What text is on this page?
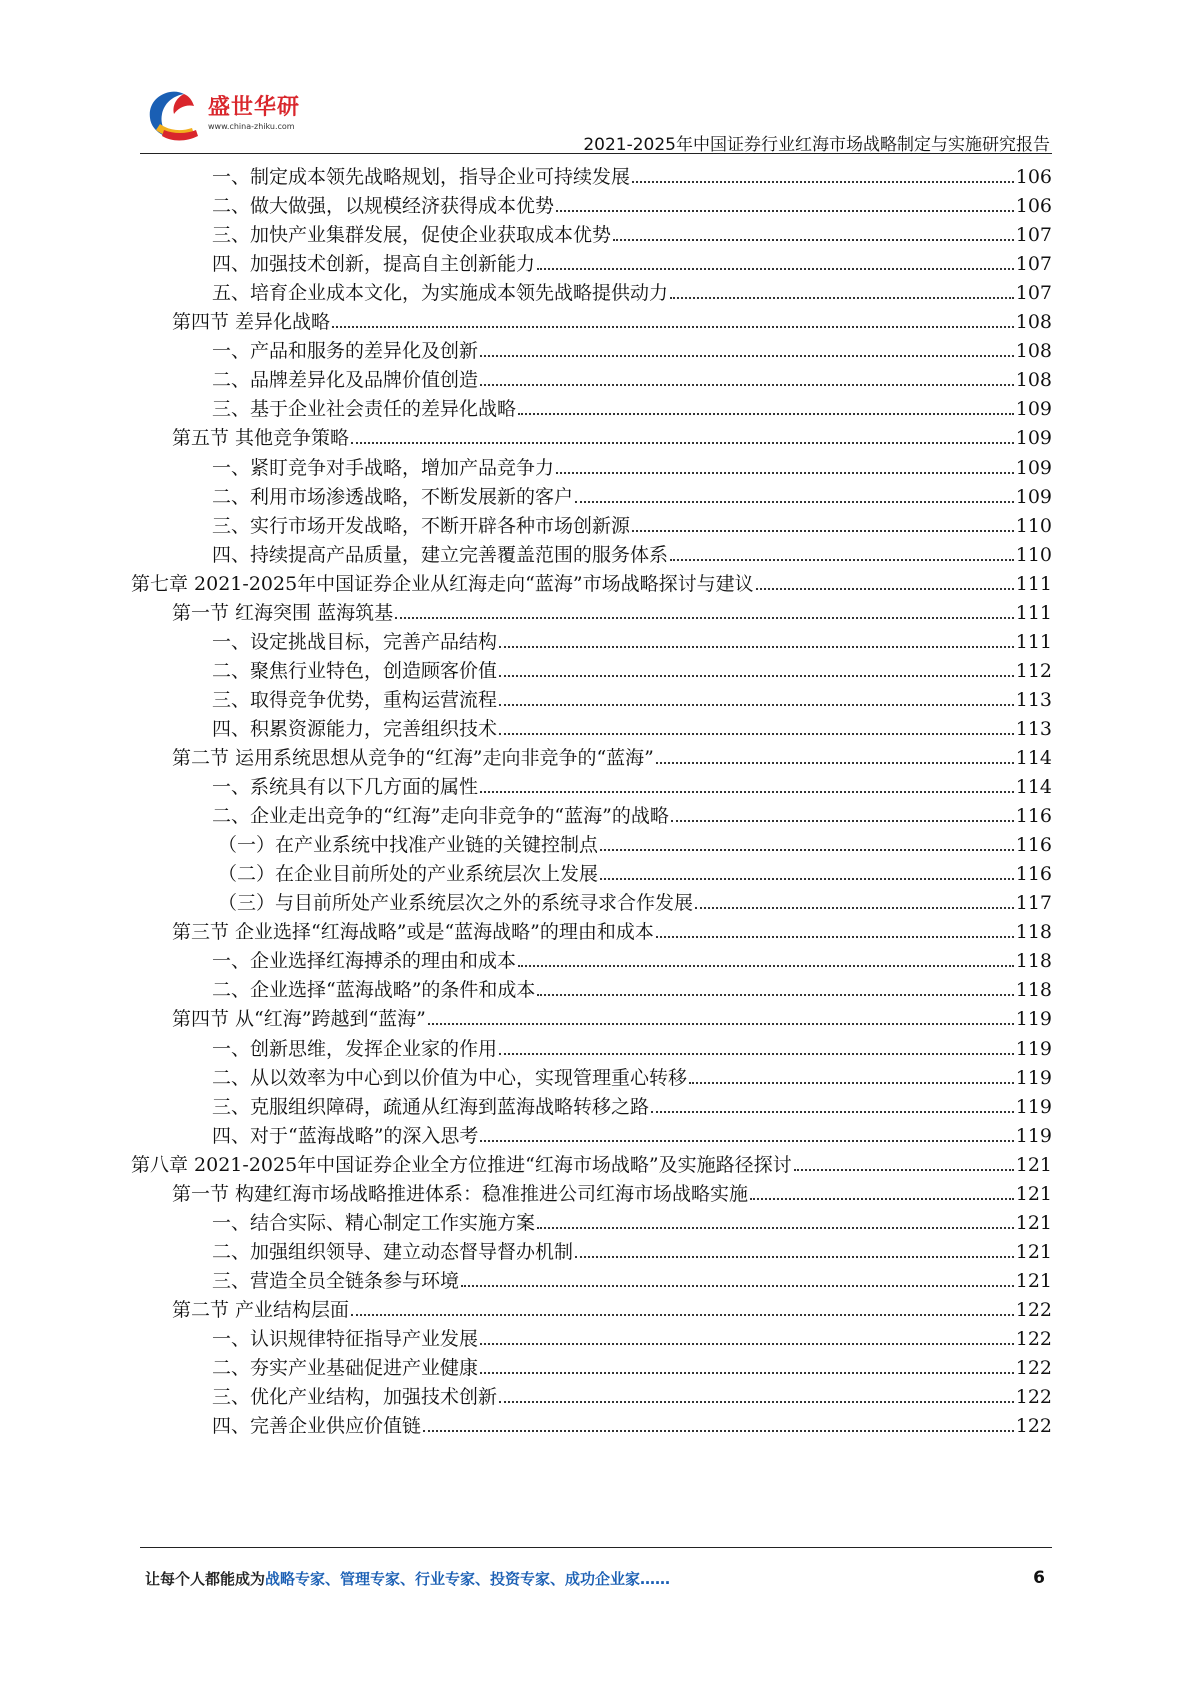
盛世华研
www.china-zhiku.com
2021-2025年中国证券行业红海市场战略制定与实施研究报告
一、制定成本领先战略规划，指导企业可持续发展	106
二、做大做强，以规模经济获得成本优势	106
三、加快产业集群发展，促使企业获取成本优势	107
四、加强技术创新，提高自主创新能力	107
五、培育企业成本文化，为实施成本领先战略提供动力	107
第四节 差异化战略	108
一、产品和服务的差异化及创新	108
二、品牌差异化及品牌价值创造	108
三、基于企业社会责任的差异化战略	109
第五节 其他竞争策略	109
一、紧盯竞争对手战略，增加产品竞争力	109
二、利用市场渗透战略，不断发展新的客户	109
三、实行市场开发战略，不断开辟各种市场创新源	110
四、持续提高产品质量，建立完善覆盖范围的服务体系	110
第七章 2021-2025年中国证券企业从红海走向“蓝海”市场战略探讨与建议	111
第一节 红海突围 蓝海筑基	111
一、设定挑战目标，完善产品结构	111
二、聚焦行业特色，创造顾客价值	112
三、取得竞争优势，重构运营流程	113
四、积累资源能力，完善组织技术	113
第二节 运用系统思想从竞争的“红海”走向非竞争的“蓝海”	114
一、系统具有以下几方面的属性	114
二、企业走出竞争的“红海”走向非竞争的“蓝海”的战略	116
（一）在产业系统中找准产业链的关键控制点	116
（二）在企业目前所处的产业系统层次上发展	116
（三）与目前所处产业系统层次之外的系统寻求合作发展	117
第三节 企业选择“红海战略”或是“蓝海战略”的理由和成本	118
一、企业选择红海搏杀的理由和成本	118
二、企业选择“蓝海战略”的条件和成本	118
第四节 从“红海”跨越到“蓝海”	119
一、创新思维，发挥企业家的作用	119
二、从以效率为中心到以价值为中心，实现管理重心转移	119
三、克服组织障碍，疏通从红海到蓝海战略转移之路	119
四、对于“蓝海战略”的深入思考	119
第八章 2021-2025年中国证券企业全方位推进“红海市场战略”及实施路径探讨	121
第一节 构建红海市场战略推进体系：稳准推进公司红海市场战略实施	121
一、结合实际、精心制定工作实施方案	121
二、加强组织领导、建立动态督导督办机制	121
三、营造全员全链条参与环境	121
第二节 产业结构层面	122
一、认识规律特征指导产业发展	122
二、夯实产业基础促进产业健康	122
三、优化产业结构，加强技术创新	122
四、完善企业供应价值链	122
让每个人都能成为战略专家、管理专家、行业专家、投资专家、成功企业家……	6
